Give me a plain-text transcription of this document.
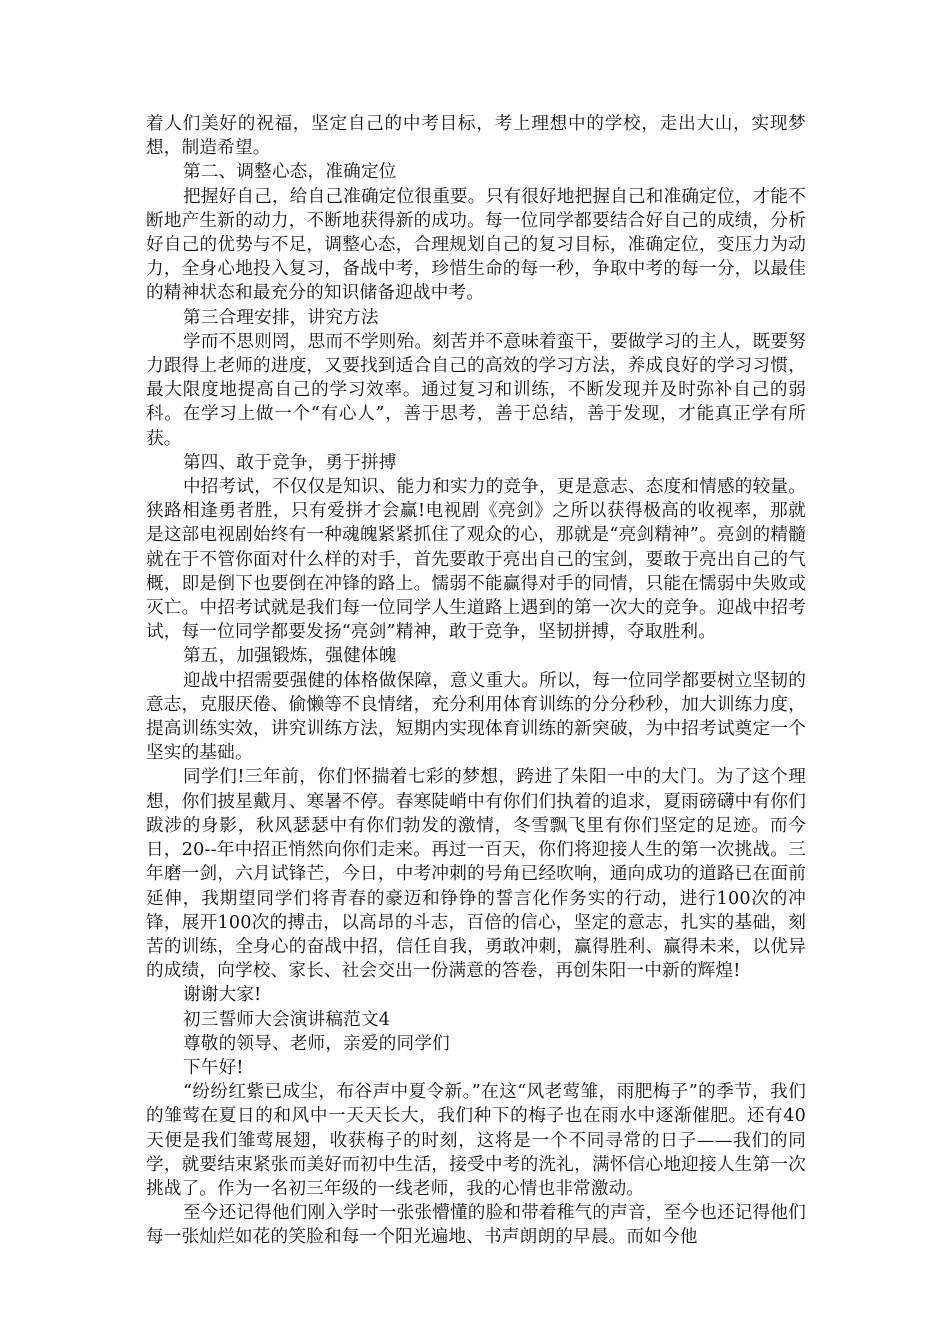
着人们美好的祝福，坚定自己的中考目标，考上理想中的学校，走出大山，实现梦想，制造希望。

第二、调整心态，准确定位

把握好自己，给自己准确定位很重要。只有很好地把握自己和准确定位，才能不断地产生新的动力，不断地获得新的成功。每一位同学都要结合好自己的成绩，分析好自己的优势与不足，调整心态，合理规划自己的复习目标，准确定位，变压力为动力，全身心地投入复习，备战中考，珍惜生命的每一秒，争取中考的每一分，以最佳的精神状态和最充分的知识储备迎战中考。

第三合理安排，讲究方法

学而不思则罔，思而不学则殆。刻苦并不意味着蛮干，要做学习的主人，既要努力跟得上老师的进度，又要找到适合自己的高效的学习方法，养成良好的学习习惯，最大限度地提高自己的学习效率。通过复习和训练，不断发现并及时弥补自己的弱科。在学习上做一个“有心人”，善于思考，善于总结，善于发现，才能真正学有所获。

第四、敢于竞争，勇于拼搏

中招考试，不仅仅是知识、能力和实力的竞争，更是意志、态度和情感的较量。狭路相逢勇者胜，只有爱拼才会赢!电视剧《亮剑》之所以获得极高的收视率，那就是这部电视剧始终有一种魂魄紧紧抓住了观众的心，那就是“亮剑精神”。亮剑的精髓就在于不管你面对什么样的对手，首先要敢于亮出自己的宝剑，要敢于亮出自己的气概，即是倒下也要倒在冲锋的路上。懦弱不能赢得对手的同情，只能在懦弱中失败或灭亡。中招考试就是我们每一位同学人生道路上遇到的第一次大的竞争。迎战中招考试，每一位同学都要发扬“亮剑”精神，敢于竞争，坚韧拼搏，夺取胜利。

第五，加强锻炼，强健体魄

迎战中招需要强健的体格做保障，意义重大。所以，每一位同学都要树立坚韧的意志，克服厌倦、偷懒等不良情绪，充分利用体育训练的分分秒秒，加大训练力度，提高训练实效，讲究训练方法，短期内实现体育训练的新突破，为中招考试奠定一个坚实的基础。

同学们!三年前，你们怀揣着七彩的梦想，跨进了朱阳一中的大门。为了这个理想，你们披星戴月、寒暑不停。春寒陡峭中有你们们执着的追求，夏雨磅礴中有你们跋涉的身影，秋风瑟瑟中有你们勃发的激情，冬雪飘飞里有你们坚定的足迹。而今日，20--年中招正悄然向你们走来。再过一百天，你们将迎接人生的第一次挑战。三年磨一剑，六月试锋芒，今日，中考冲刺的号角已经吹响，通向成功的道路已在面前延伸，我期望同学们将青春的豪迈和铮铮的誓言化作务实的行动，进行100次的冲锋，展开100次的搏击，以高昂的斗志，百倍的信心，坚定的意志，扎实的基础，刻苦的训练，全身心的奋战中招，信任自我，勇敢冲刺，赢得胜利、赢得未来，以优异的成绩，向学校、家长、社会交出一份满意的答卷，再创朱阳一中新的辉煌!

谢谢大家!

初三誓师大会演讲稿范文4

尊敬的领导、老师，亲爱的同学们

下午好!

“纷纷红紫已成尘，布谷声中夏令新。”在这“风老莺雏，雨肥梅子”的季节，我们的雏莺在夏日的和风中一天天长大，我们种下的梅子也在雨水中逐渐催肥。还有40天便是我们雏莺展翅，收获梅子的时刻，这将是一个不同寻常的日子——我们的同学，就要结束紧张而美好而初中生活，接受中考的洗礼，满怀信心地迎接人生第一次挑战了。作为一名初三年级的一线老师，我的心情也非常激动。

至今还记得他们刚入学时一张张懵懂的脸和带着稚气的声音，至今也还记得他们每一张灿烂如花的笑脸和每一个阳光遍地、书声朗朗的早晨。而如今他
